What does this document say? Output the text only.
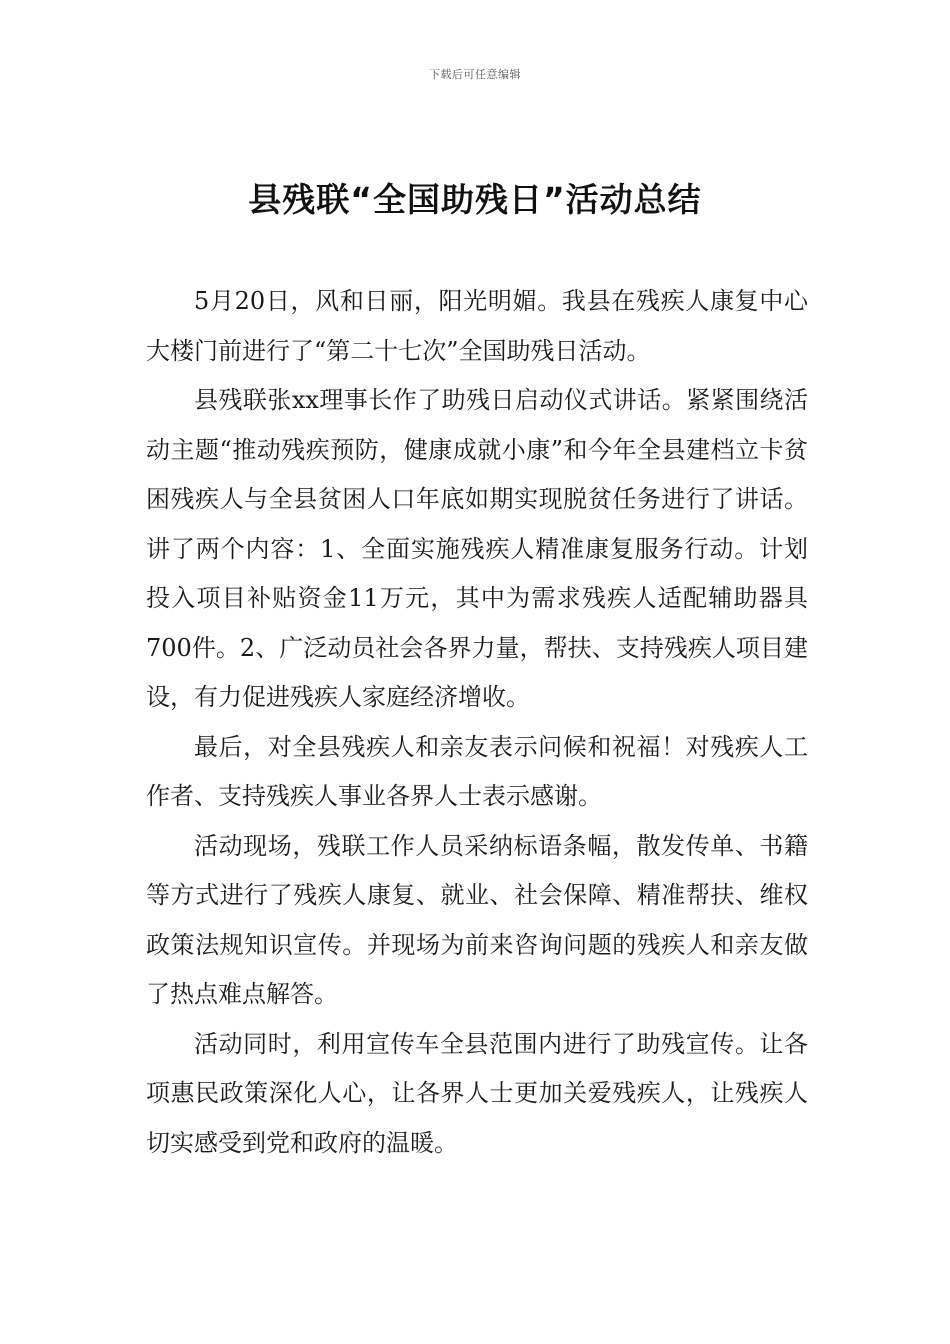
下载后可任意编辑
县残联“全国助残日”活动总结

5月20日，风和日丽，阳光明媚。我县在残疾人康复中心大楼门前进行了“第二十七次”全国助残日活动。

县残联张xx理事长作了助残日启动仪式讲话。紧紧围绕活动主题“推动残疾预防，健康成就小康”和今年全县建档立卡贫困残疾人与全县贫困人口年底如期实现脱贫任务进行了讲话。讲了两个内容：1、全面实施残疾人精准康复服务行动。计划投入项目补贴资金11万元，其中为需求残疾人适配辅助器具700件。2、广泛动员社会各界力量，帮扶、支持残疾人项目建设，有力促进残疾人家庭经济增收。

最后，对全县残疾人和亲友表示问候和祝福！对残疾人工作者、支持残疾人事业各界人士表示感谢。

活动现场，残联工作人员采纳标语条幅，散发传单、书籍等方式进行了残疾人康复、就业、社会保障、精准帮扶、维权政策法规知识宣传。并现场为前来咨询问题的残疾人和亲友做了热点难点解答。

活动同时，利用宣传车全县范围内进行了助残宣传。让各项惠民政策深化人心，让各界人士更加关爱残疾人，让残疾人切实感受到党和政府的温暖。
